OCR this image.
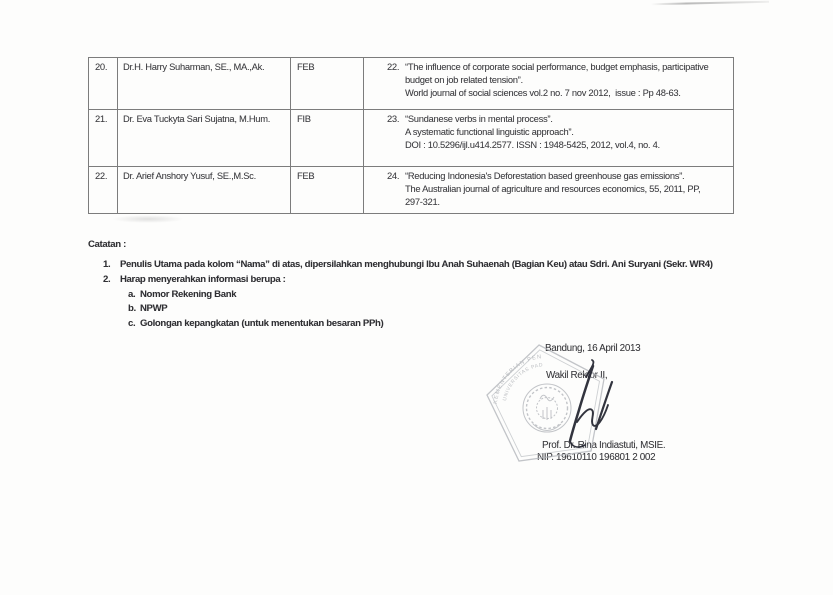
20.	Dr.H. Harry Suharman, SE., MA.,Ak.	FEB	22. “The influence of corporate social performance, budget emphasis, participative
budget on job related tension”.
World journal of social sciences vol.2 no. 7 nov 2012,  issue : Pp 48-63.

21.	Dr. Eva Tuckyta Sari Sujatna, M.Hum.	FIB	23. “Sundanese verbs in mental process”.
A systematic functional linguistic approach”.
DOI : 10.5296/ijl.u414.2577. ISSN : 1948-5425, 2012, vol.4, no. 4.

22.	Dr. Arief Anshory Yusuf, SE.,M.Sc.	FEB	24. “Reducing Indonesia's Deforestation based greenhouse gas emissions”.
The Australian journal of agriculture and resources economics, 55, 2011, PP,
297-321.
Catatan :
1.	Penulis Utama pada kolom “Nama” di atas, dipersilahkan menghubungi Ibu Anah Suhaenah (Bagian Keu) atau Sdri. Ani Suryani (Sekr. WR4)
2.	Harap menyerahkan informasi berupa :
a. Nomor Rekening Bank
b. NPWP
c. Golongan kepangkatan (untuk menentukan besaran PPh)
Bandung, 16 April 2013
Wakil Rektor II,
Prof. Dr. Rina Indiastuti, MSIE.
NIP. 19610110 196801 2 002
KEMENTERIAN PEN
UNIVERSITAS PAD
